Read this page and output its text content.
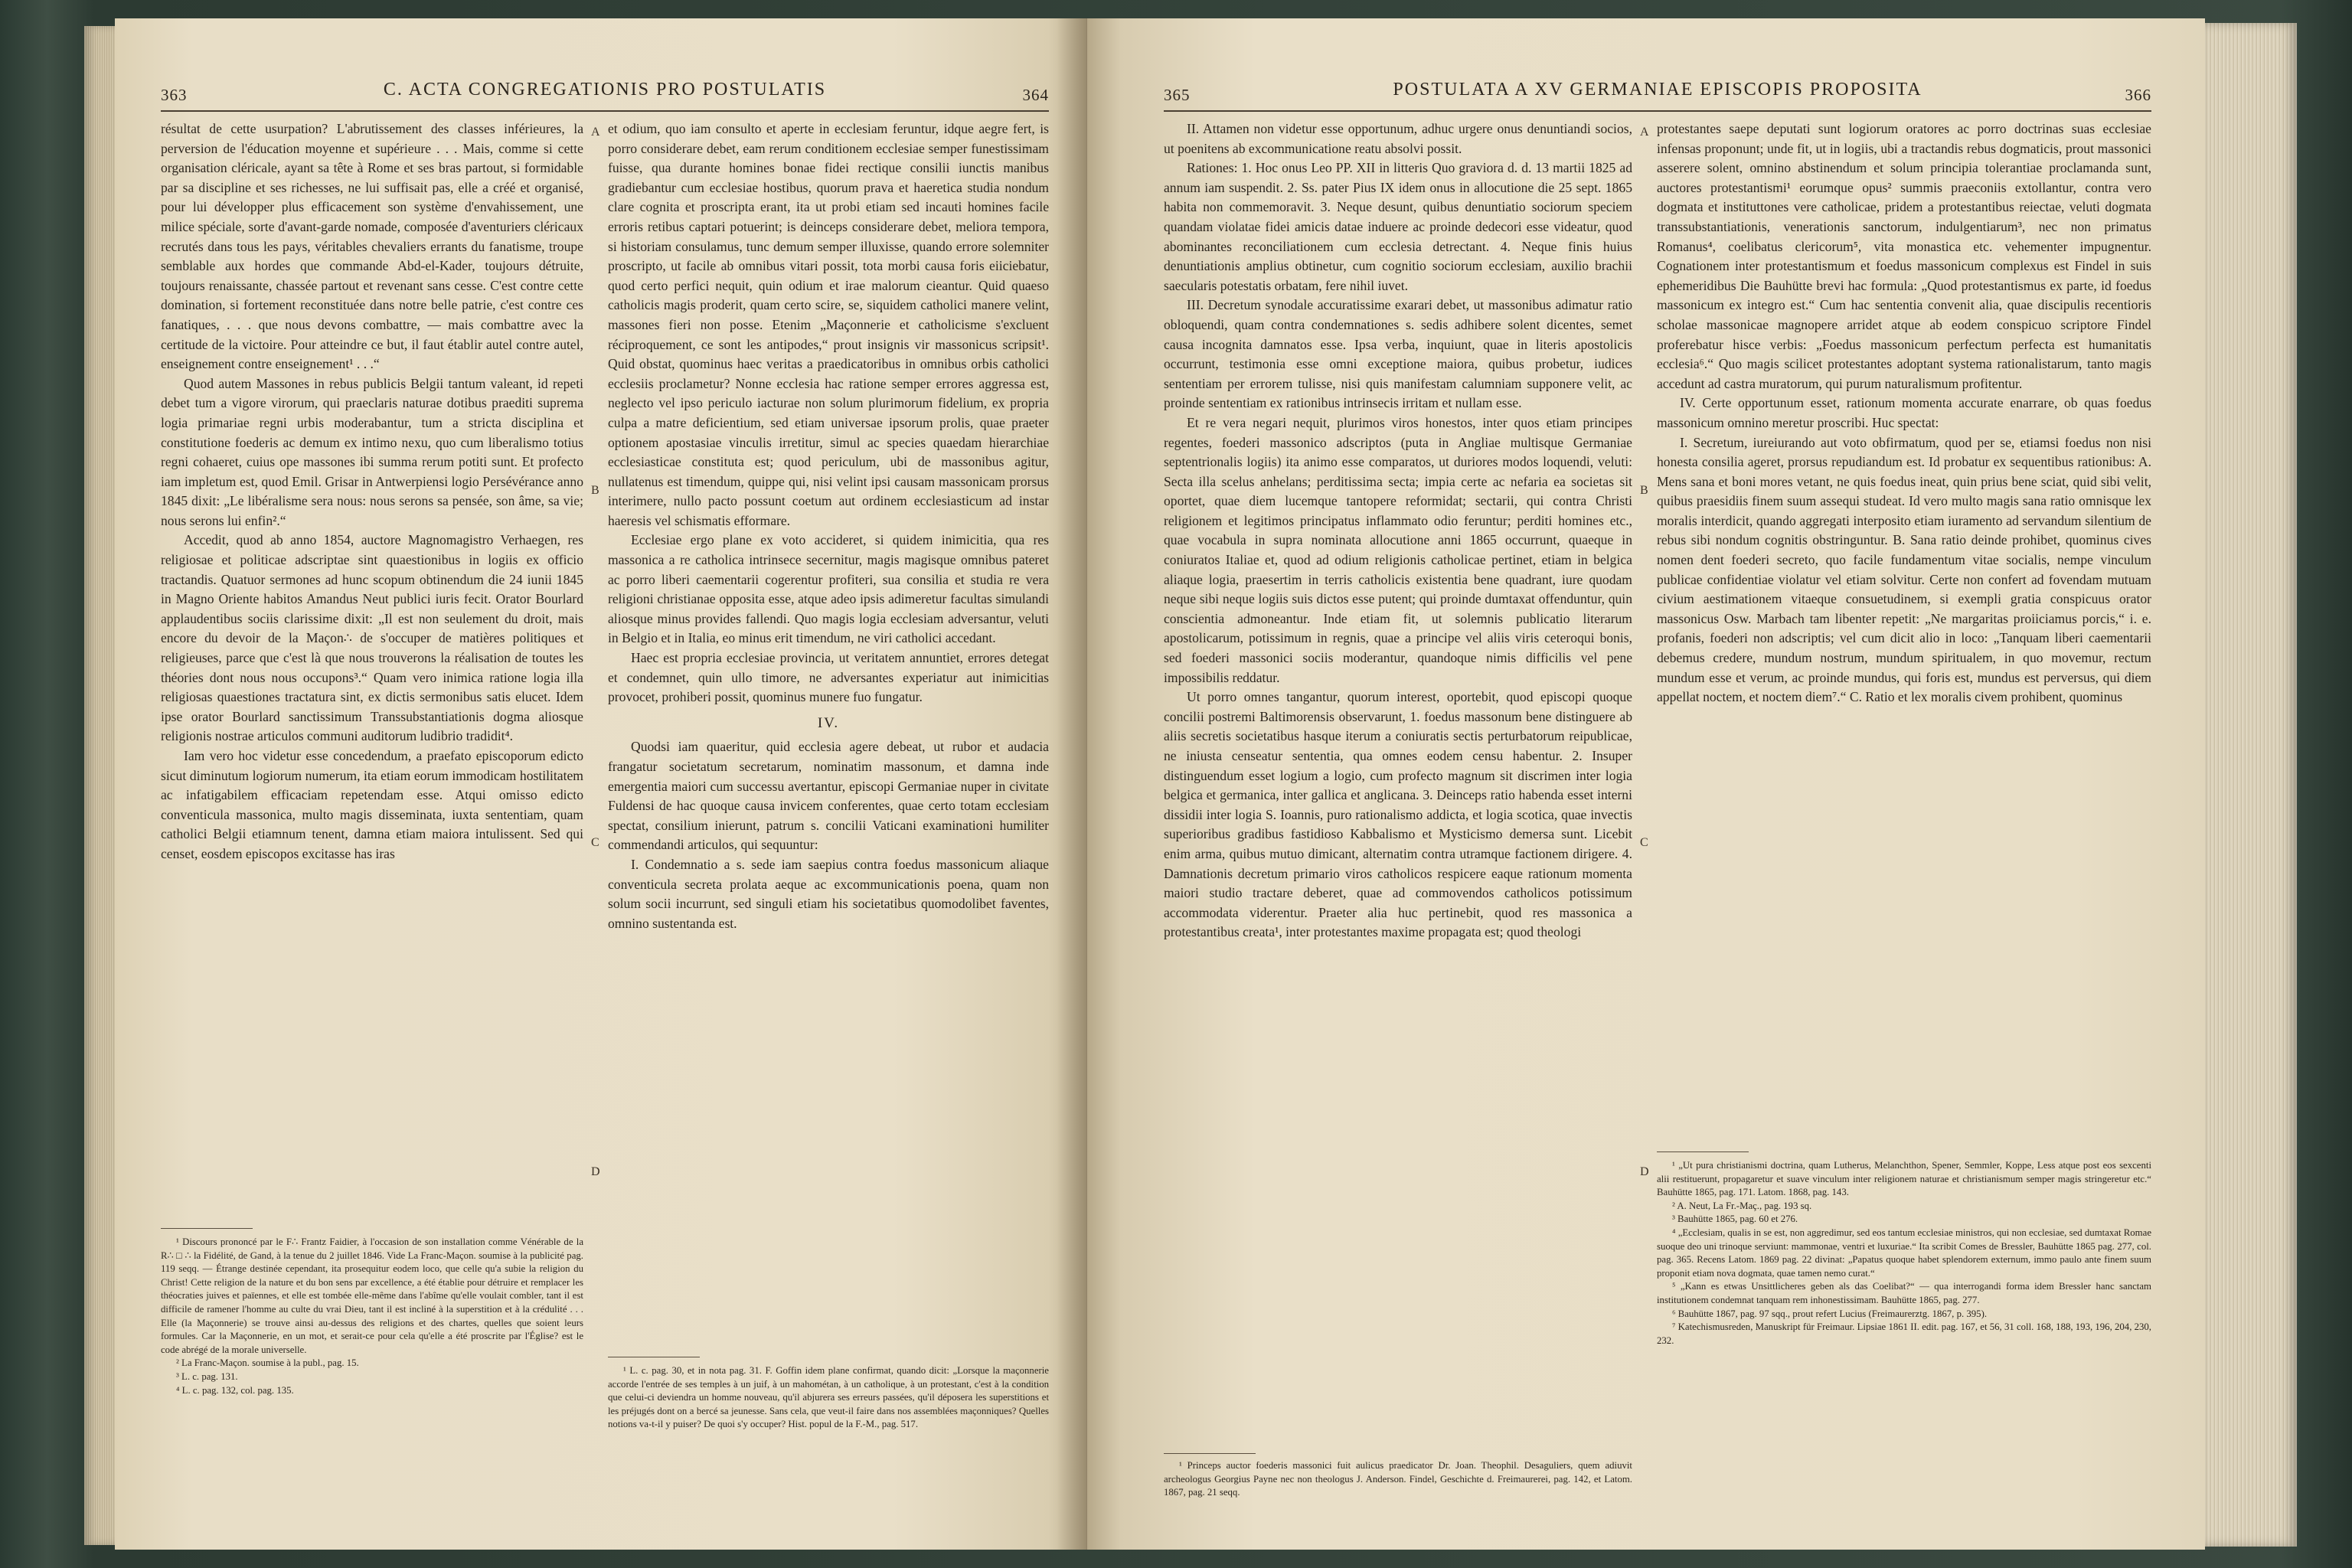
363	C. ACTA CONGREGATIONIS PRO POSTULATIS	364

résultat de cette usurpation? L'abrutissement des classes inférieures, la perversion de l'éducation moyenne et supérieure . . . Mais, comme si cette organisation cléricale, ayant sa tête à Rome et ses bras partout, si formidable par sa discipline et ses richesses, ne lui suffisait pas, elle a créé et organisé, pour lui développer plus efficacement son système d'envahissement, une milice spéciale, sorte d'avant-garde nomade, composée d'aventuriers cléricaux recrutés dans tous les pays, véritables chevaliers errants du fanatisme, troupe semblable aux hordes que commande Abd-el-Kader, toujours détruite, toujours renaissante, chassée partout et revenant sans cesse. C'est contre cette domination, si fortement reconstituée dans notre belle patrie, c'est contre ces fanatiques, . . . que nous devons combattre, — mais combattre avec la certitude de la victoire. Pour atteindre ce but, il faut établir autel contre autel, enseignement contre enseignement¹ . . .“

Quod autem Massones in rebus publicis Belgii tantum valeant, id repeti debet tum a vigore virorum, qui praeclaris naturae dotibus praediti suprema logia primariae regni urbis moderabantur, tum a stricta disciplina et constitutione foederis ac demum ex intimo nexu, quo cum liberalismo totius regni cohaeret, cuius ope massones ibi summa rerum potiti sunt. Et profecto iam impletum est, quod Emil. Grisar in Antwerpiensi logio Persévérance anno 1845 dixit: „Le libéralisme sera nous: nous serons sa pensée, son âme, sa vie; nous serons lui enfin².“

Accedit, quod ab anno 1854, auctore Magnomagistro Verhaegen, res religiosae et politicae adscriptae sint quaestionibus in logiis ex officio tractandis. Quatuor sermones ad hunc scopum obtinendum die 24 iunii 1845 in Magno Oriente habitos Amandus Neut publici iuris fecit. Orator Bourlard applaudentibus sociis clarissime dixit: „Il est non seulement du droit, mais encore du devoir de la Maçon∴ de s'occuper de matières politiques et religieuses, parce que c'est là que nous trouverons la réalisation de toutes les théories dont nous nous occupons³.“ Quam vero inimica ratione logia illa religiosas quaestiones tractatura sint, ex dictis sermonibus satis elucet. Idem ipse orator Bourlard sanctissimum Transsubstantiationis dogma aliosque religionis nostrae articulos communi auditorum ludibrio tradidit⁴.

Iam vero hoc videtur esse concedendum, a praefato episcoporum edicto sicut diminutum logiorum numerum, ita etiam eorum immodicam hostilitatem ac infatigabilem efficaciam repetendam esse. Atqui omisso edicto conventicula massonica, multo magis disseminata, iuxta sententiam, quam catholici Belgii etiamnum tenent, damna etiam maiora intulissent. Sed qui censet, eosdem episcopos excitasse has iras

A
B
C
D

et odium, quo iam consulto et aperte in ecclesiam feruntur, idque aegre fert, is porro considerare debet, eam rerum conditionem ecclesiae semper funestissimam fuisse, qua durante homines bonae fidei rectique consilii iunctis manibus gradiebantur cum ecclesiae hostibus, quorum prava et haeretica studia nondum clare cognita et proscripta erant, ita ut probi etiam sed incauti homines facile erroris retibus captari potuerint; is deinceps considerare debet, meliora tempora, si historiam consulamus, tunc demum semper illuxisse, quando errore solemniter proscripto, ut facile ab omnibus vitari possit, tota morbi causa foris eiiciebatur, quod certo perfici nequit, quin odium et irae malorum cieantur. Quid quaeso catholicis magis proderit, quam certo scire, se, siquidem catholici manere velint, massones fieri non posse. Etenim „Maçonnerie et catholicisme s'excluent réciproquement, ce sont les antipodes,“ prout insignis vir massonicus scripsit¹. Quid obstat, quominus haec veritas a praedicatoribus in omnibus orbis catholici ecclesiis proclametur? Nonne ecclesia hac ratione semper errores aggressa est, neglecto vel ipso periculo iacturae non solum plurimorum fidelium, ex propria culpa a matre deficientium, sed etiam universae ipsorum prolis, quae praeter optionem apostasiae vinculis irretitur, simul ac species quaedam hierarchiae ecclesiasticae constituta est; quod periculum, ubi de massonibus agitur, nullatenus est timendum, quippe qui, nisi velint ipsi causam massonicam prorsus interimere, nullo pacto possunt coetum aut ordinem ecclesiasticum ad instar haeresis vel schismatis efformare.

Ecclesiae ergo plane ex voto accideret, si quidem inimicitia, qua res massonica a re catholica intrinsece secernitur, magis magisque omnibus pateret ac porro liberi caementarii cogerentur profiteri, sua consilia et studia re vera religioni christianae opposita esse, atque adeo ipsis adimeretur facultas simulandi aliosque minus provides fallendi. Quo magis logia ecclesiam adversantur, veluti in Belgio et in Italia, eo minus erit timendum, ne viri catholici accedant.

Haec est propria ecclesiae provincia, ut veritatem annuntiet, errores detegat et condemnet, quin ullo timore, ne adversantes experiatur aut inimicitias provocet, prohiberi possit, quominus munere fuo fungatur.

IV.

Quodsi iam quaeritur, quid ecclesia agere debeat, ut rubor et audacia frangatur societatum secretarum, nominatim massonum, et damna inde emergentia maiori cum successu avertantur, episcopi Germaniae nuper in civitate Fuldensi de hac quoque causa invicem conferentes, quae certo totam ecclesiam spectat, consilium inierunt, patrum s. concilii Vaticani examinationi humiliter commendandi articulos, qui sequuntur:

I. Condemnatio a s. sede iam saepius contra foedus massonicum aliaque conventicula secreta prolata aeque ac excommunicationis poena, quam non solum socii incurrunt, sed singuli etiam his societatibus quomodolibet faventes, omnino sustentanda est.

¹ Discours prononcé par le F∴ Frantz Faidier, à l'occasion de son installation comme Vénérable de la R∴ □ ∴ la Fidélité, de Gand, à la tenue du 2 juillet 1846. Vide La Franc-Maçon. soumise à la publicité pag. 119 seqq. — Étrange destinée cependant, ita prosequitur eodem loco, que celle qu'a subie la religion du Christ! Cette religion de la nature et du bon sens par excellence, a été établie pour détruire et remplacer les théocraties juives et païennes, et elle est tombée elle-même dans l'abîme qu'elle voulait combler, tant il est difficile de ramener l'homme au culte du vrai Dieu, tant il est incliné à la superstition et à la crédulité . . . Elle (la Maçonnerie) se trouve ainsi au-dessus des religions et des chartes, quelles que soient leurs formules. Car la Maçonnerie, en un mot, et serait-ce pour cela qu'elle a été proscrite par l'Église? est le code abrégé de la morale universelle.

² La Franc-Maçon. soumise à la publ., pag. 15.

³ L. c. pag. 131.

⁴ L. c. pag. 132, col. pag. 135.

¹ L. c. pag. 30, et in nota pag. 31. F. Goffin idem plane confirmat, quando dicit: „Lorsque la maçonnerie accorde l'entrée de ses temples à un juif, à un mahométan, à un catholique, à un protestant, c'est à la condition que celui-ci deviendra un homme nouveau, qu'il abjurera ses erreurs passées, qu'il déposera les superstitions et les préjugés dont on a bercé sa jeunesse. Sans cela, que veut-il faire dans nos assemblées maçonniques? Quelles notions va-t-il y puiser? De quoi s'y occuper? Hist. popul de la F.-M., pag. 517.

365	POSTULATA A XV GERMANIAE EPISCOPIS PROPOSITA	366

II. Attamen non videtur esse opportunum, adhuc urgere onus denuntiandi socios, ut poenitens ab excommunicatione reatu absolvi possit.

Rationes: 1. Hoc onus Leo PP. XII in litteris Quo graviora d. d. 13 martii 1825 ad annum iam suspendit. 2. Ss. pater Pius IX idem onus in allocutione die 25 sept. 1865 habita non commemoravit. 3. Neque desunt, quibus denuntiatio sociorum speciem quandam violatae fidei amicis datae induere ac proinde dedecori esse videatur, quod abominantes reconciliationem cum ecclesia detrectant. 4. Neque finis huius denuntiationis amplius obtinetur, cum cognitio sociorum ecclesiam, auxilio brachii saecularis potestatis orbatam, fere nihil iuvet.

III. Decretum synodale accuratissime exarari debet, ut massonibus adimatur ratio obloquendi, quam contra condemnationes s. sedis adhibere solent dicentes, semet causa incognita damnatos esse. Ipsa verba, inquiunt, quae in literis apostolicis occurrunt, testimonia esse omni exceptione maiora, quibus probetur, iudices sententiam per errorem tulisse, nisi quis manifestam calumniam supponere velit, ac proinde sententiam ex rationibus intrinsecis irritam et nullam esse.

Et re vera negari nequit, plurimos viros honestos, inter quos etiam principes regentes, foederi massonico adscriptos (puta in Angliae multisque Germaniae septentrionalis logiis) ita animo esse comparatos, ut duriores modos loquendi, veluti: Secta illa scelus anhelans; perditissima secta; impia certe ac nefaria ea societas sit oportet, quae diem lucemque tantopere reformidat; sectarii, qui contra Christi religionem et legitimos principatus inflammato odio feruntur; perditi homines etc., quae vocabula in supra nominata allocutione anni 1865 occurrunt, quaeque in coniuratos Italiae et, quod ad odium religionis catholicae pertinet, etiam in belgica aliaque logia, praesertim in terris catholicis existentia bene quadrant, iure quodam neque sibi neque logiis suis dictos esse putent; qui proinde dumtaxat offenduntur, quin conscientia admoneantur. Inde etiam fit, ut solemnis publicatio literarum apostolicarum, potissimum in regnis, quae a principe vel aliis viris ceteroqui bonis, sed foederi massonici sociis moderantur, quandoque nimis difficilis vel pene impossibilis reddatur.

Ut porro omnes tangantur, quorum interest, oportebit, quod episcopi quoque concilii postremi Baltimorensis observarunt, 1. foedus massonum bene distinguere ab aliis secretis societatibus hasque iterum a coniuratis sectis perturbatorum reipublicae, ne iniusta censeatur sententia, qua omnes eodem censu habentur. 2. Insuper distinguendum esset logium a logio, cum profecto magnum sit discrimen inter logia belgica et germanica, inter gallica et anglicana. 3. Deinceps ratio habenda esset interni dissidii inter logia S. Ioannis, puro rationalismo addicta, et logia scotica, quae invectis superioribus gradibus fastidioso Kabbalismo et Mysticismo demersa sunt. Licebit enim arma, quibus mutuo dimicant, alternatim contra utramque factionem dirigere. 4. Damnationis decretum primario viros catholicos respicere eaque rationum momenta maiori studio tractare deberet, quae ad commovendos catholicos potissimum accommodata viderentur. Praeter alia huc pertinebit, quod res massonica a protestantibus creata¹, inter protestantes maxime propagata est; quod theologi

A
B
C
D

protestantes saepe deputati sunt logiorum oratores ac porro doctrinas suas ecclesiae infensas proponunt; unde fit, ut in logiis, ubi a tractandis rebus dogmaticis, prout massonici asserere solent, omnino abstinendum et solum principia tolerantiae proclamanda sunt, auctores protestantismi¹ eorumque opus² summis praeconiis extollantur, contra vero dogmata et instituttones vere catholicae, pridem a protestantibus reiectae, veluti dogmata transsubstantiationis, venerationis sanctorum, indulgentiarum³, nec non primatus Romanus⁴, coelibatus clericorum⁵, vita monastica etc. vehementer impugnentur. Cognationem inter protestantismum et foedus massonicum complexus est Findel in suis ephemeridibus Die Bauhütte brevi hac formula: „Quod protestantismus ex parte, id foedus massonicum ex integro est.“ Cum hac sententia convenit alia, quae discipulis recentioris scholae massonicae magnopere arridet atque ab eodem conspicuo scriptore Findel proferebatur hisce verbis: „Foedus massonicum perfectum perfecta est humanitatis ecclesia⁶.“ Quo magis scilicet protestantes adoptant systema rationalistarum, tanto magis accedunt ad castra muratorum, qui purum naturalismum profitentur.

IV. Certe opportunum esset, rationum momenta accurate enarrare, ob quas foedus massonicum omnino meretur proscribi. Huc spectat:

I. Secretum, iureiurando aut voto obfirmatum, quod per se, etiamsi foedus non nisi honesta consilia ageret, prorsus repudiandum est. Id probatur ex sequentibus rationibus: A. Mens sana et boni mores vetant, ne quis foedus ineat, quin prius bene sciat, quid sibi velit, quibus praesidiis finem suum assequi studeat. Id vero multo magis sana ratio omnisque lex moralis interdicit, quando aggregati interposito etiam iuramento ad servandum silentium de rebus sibi nondum cognitis obstringuntur. B. Sana ratio deinde prohibet, quominus cives nomen dent foederi secreto, quo facile fundamentum vitae socialis, nempe vinculum publicae confidentiae violatur vel etiam solvitur. Certe non confert ad fovendam mutuam civium aestimationem vitaeque consuetudinem, si exempli gratia conspicuus orator massonicus Osw. Marbach tam libenter repetit: „Ne margaritas proiiciamus porcis,“ i. e. profanis, foederi non adscriptis; vel cum dicit alio in loco: „Tanquam liberi caementarii debemus credere, mundum nostrum, mundum spiritualem, in quo movemur, rectum mundum esse et verum, ac proinde mundus, qui foris est, mundus est perversus, qui diem appellat noctem, et noctem diem⁷.“ C. Ratio et lex moralis civem prohibent, quominus

¹ Princeps auctor foederis massonici fuit aulicus praedicator Dr. Joan. Theophil. Desaguliers, quem adiuvit archeologus Georgius Payne nec non theologus J. Anderson. Findel, Geschichte d. Freimaurerei, pag. 142, et Latom. 1867, pag. 21 seqq.

¹ „Ut pura christianismi doctrina, quam Lutherus, Melanchthon, Spener, Semmler, Koppe, Less atque post eos sexcenti alii restituerunt, propagaretur et suave vinculum inter religionem naturae et christianismum semper magis stringeretur etc.“ Bauhütte 1865, pag. 171. Latom. 1868, pag. 143.

² A. Neut, La Fr.-Maç., pag. 193 sq.

³ Bauhütte 1865, pag. 60 et 276.

⁴ „Ecclesiam, qualis in se est, non aggredimur, sed eos tantum ecclesiae ministros, qui non ecclesiae, sed dumtaxat Romae suoque deo uni trinoque serviunt: mammonae, ventri et luxuriae.“ Ita scribit Comes de Bressler, Bauhütte 1865 pag. 277, col. pag. 365. Recens Latom. 1869 pag. 22 divinat: „Papatus quoque habet splendorem externum, immo paulo ante finem suum proponit etiam nova dogmata, quae tamen nemo curat.“

⁵ „Kann es etwas Unsittlicheres geben als das Coelibat?“ — qua interrogandi forma idem Bressler hanc sanctam institutionem condemnat tanquam rem inhonestissimam. Bauhütte 1865, pag. 277.

⁶ Bauhütte 1867, pag. 97 sqq., prout refert Lucius (Freimaurerztg. 1867, p. 395).

⁷ Katechismusreden, Manuskript für Freimaur. Lipsiae 1861 II. edit. pag. 167, et 56, 31 coll. 168, 188, 193, 196, 204, 230, 232.
